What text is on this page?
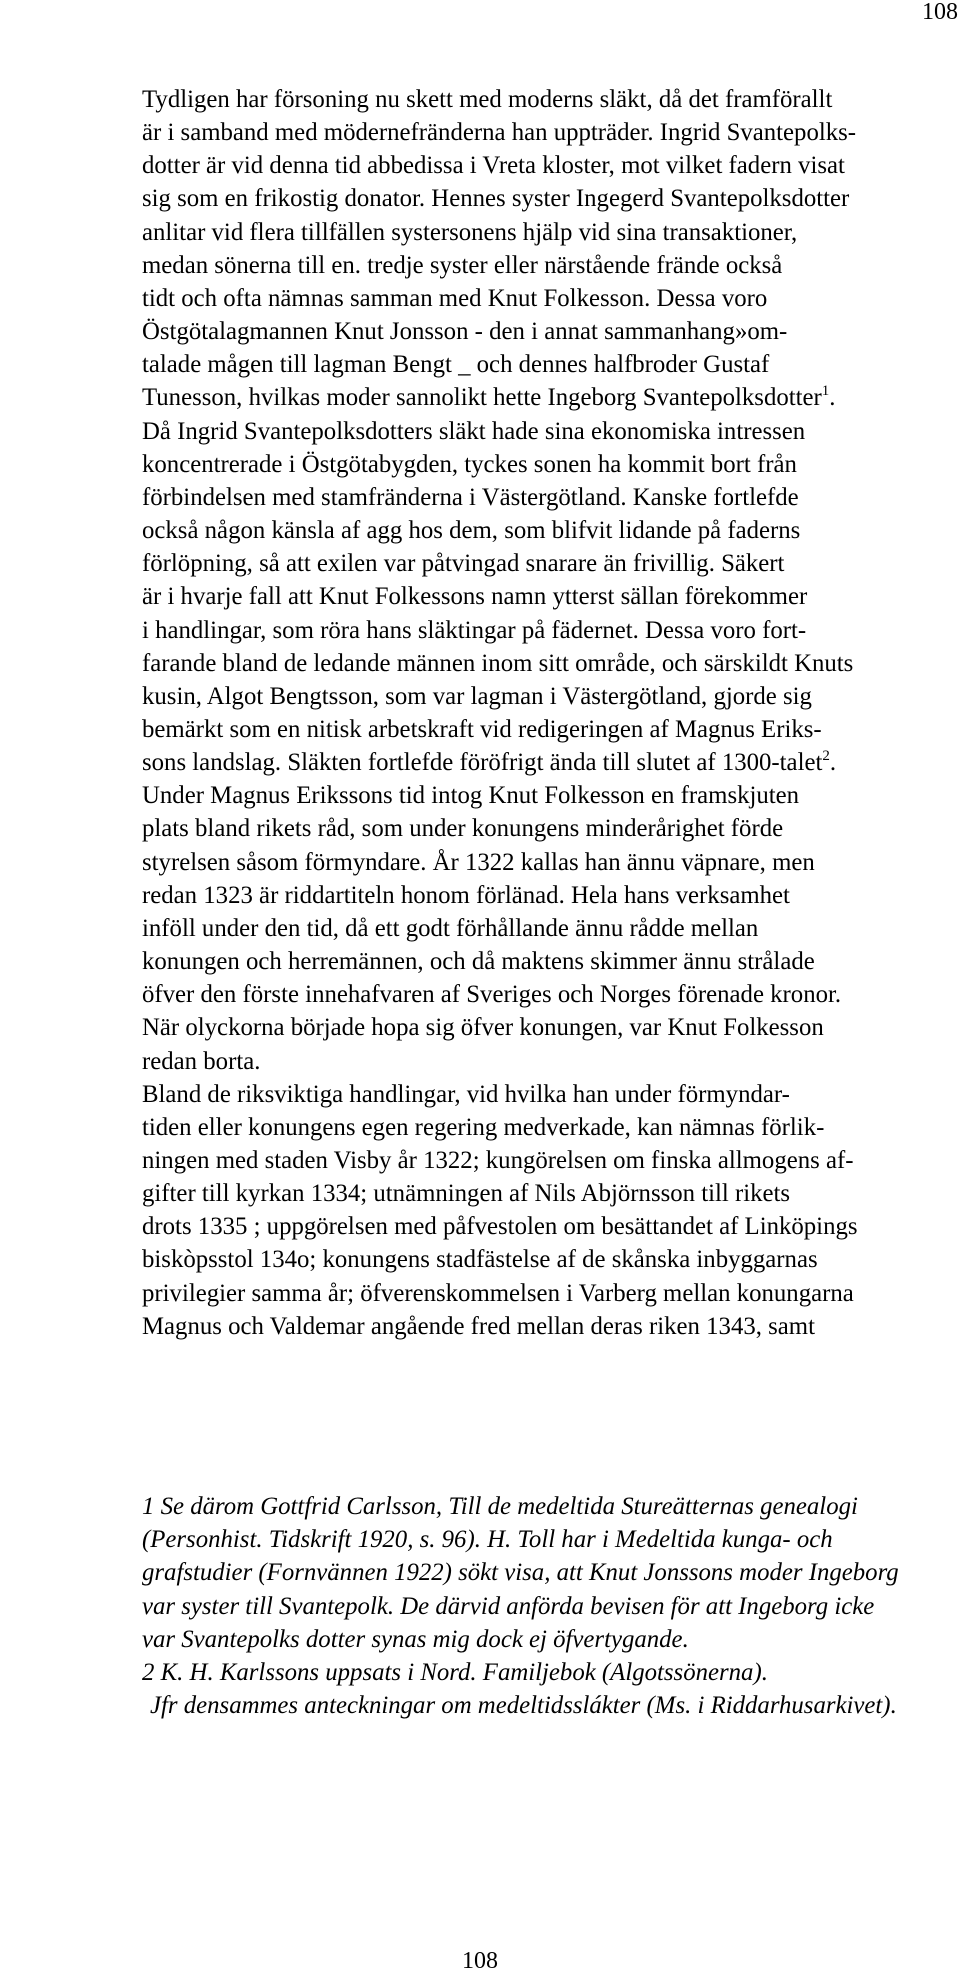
108
Tydligen har försoning nu skett med moderns släkt, då det framförallt
är i samband med mödernefränderna han uppträder. Ingrid Svantepolks-
dotter är vid denna tid abbedissa i Vreta kloster, mot vilket fadern visat
sig som en frikostig donator. Hennes syster Ingegerd Svantepolksdotter
anlitar vid flera tillfällen systersonens hjälp vid sina transaktioner,
medan sönerna till en. tredje syster eller närstående frände också
tidt och ofta nämnas samman med Knut Folkesson. Dessa voro
Östgötalagmannen Knut Jonsson - den i annat sammanhang»om-
talade mågen till lagman Bengt _ och dennes halfbroder Gustaf
Tunesson, hvilkas moder sannolikt hette Ingeborg Svantepolksdotter$^1$.
Då Ingrid Svantepolksdotters släkt hade sina ekonomiska intressen
koncentrerade i Östgötabygden, tyckes sonen ha kommit bort från
förbindelsen med stamfränderna i Västergötland. Kanske fortlefde
också någon känsla af agg hos dem, som blifvit lidande på faderns
förlöpning, så att exilen var påtvingad snarare än frivillig. Säkert
är i hvarje fall att Knut Folkessons namn ytterst sällan förekommer
i handlingar, som röra hans släktingar på fädernet. Dessa voro fort-
farande bland de ledande männen inom sitt område, och särskildt Knuts
kusin, Algot Bengtsson, som var lagman i Västergötland, gjorde sig
bemärkt som en nitisk arbetskraft vid redigeringen af Magnus Eriks-
sons landslag. Släkten fortlefde föröfrigt ända till slutet af 1300-talet$^2$.
Under Magnus Erikssons tid intog Knut Folkesson en framskjuten
plats bland rikets råd, som under konungens minderårighet förde
styrelsen såsom förmyndare. År 1322 kallas han ännu väpnare, men
redan 1323 är riddartiteln honom förlänad. Hela hans verksamhet
inföll under den tid, då ett godt förhållande ännu rådde mellan
konungen och herremännen, och då maktens skimmer ännu strålade
öfver den förste innehafvaren af Sveriges och Norges förenade kronor.
När olyckorna började hopa sig öfver konungen, var Knut Folkesson
redan borta.
Bland de riksviktiga handlingar, vid hvilka han under förmyndar-
tiden eller konungens egen regering medverkade, kan nämnas förlik-
ningen med staden Visby år 1322; kungörelsen om finska allmogens af-
gifter till kyrkan 1334; utnämningen af Nils Abjörnsson till rikets
drots 1335 ; uppgörelsen med påfvestolen om besättandet af Linköpings
biskòpsstol 134o; konungens stadfästelse af de skånska inbyggarnas
privilegier samma år; öfverenskommelsen i Varberg mellan konungarna
Magnus och Valdemar angående fred mellan deras riken 1343, samt
1 Se därom Gottfrid Carlsson, Till de medeltida Stureätternas genealogi
(Personhist. Tidskrift 1920, s. 96). H. Toll har i Medeltida kunga- och
grafstudier (Fornvännen 1922) sökt visa, att Knut Jonssons moder Ingeborg
var syster till Svantepolk. De därvid anförda bevisen för att Ingeborg icke
var Svantepolks dotter synas mig dock ej öfvertygande.
2 K. H. Karlssons uppsats i Nord. Familjebok (Algotssönerna).
Jfr densammes anteckningar om medeltidsslákter (Ms. i Riddarhusarkivet).
108
